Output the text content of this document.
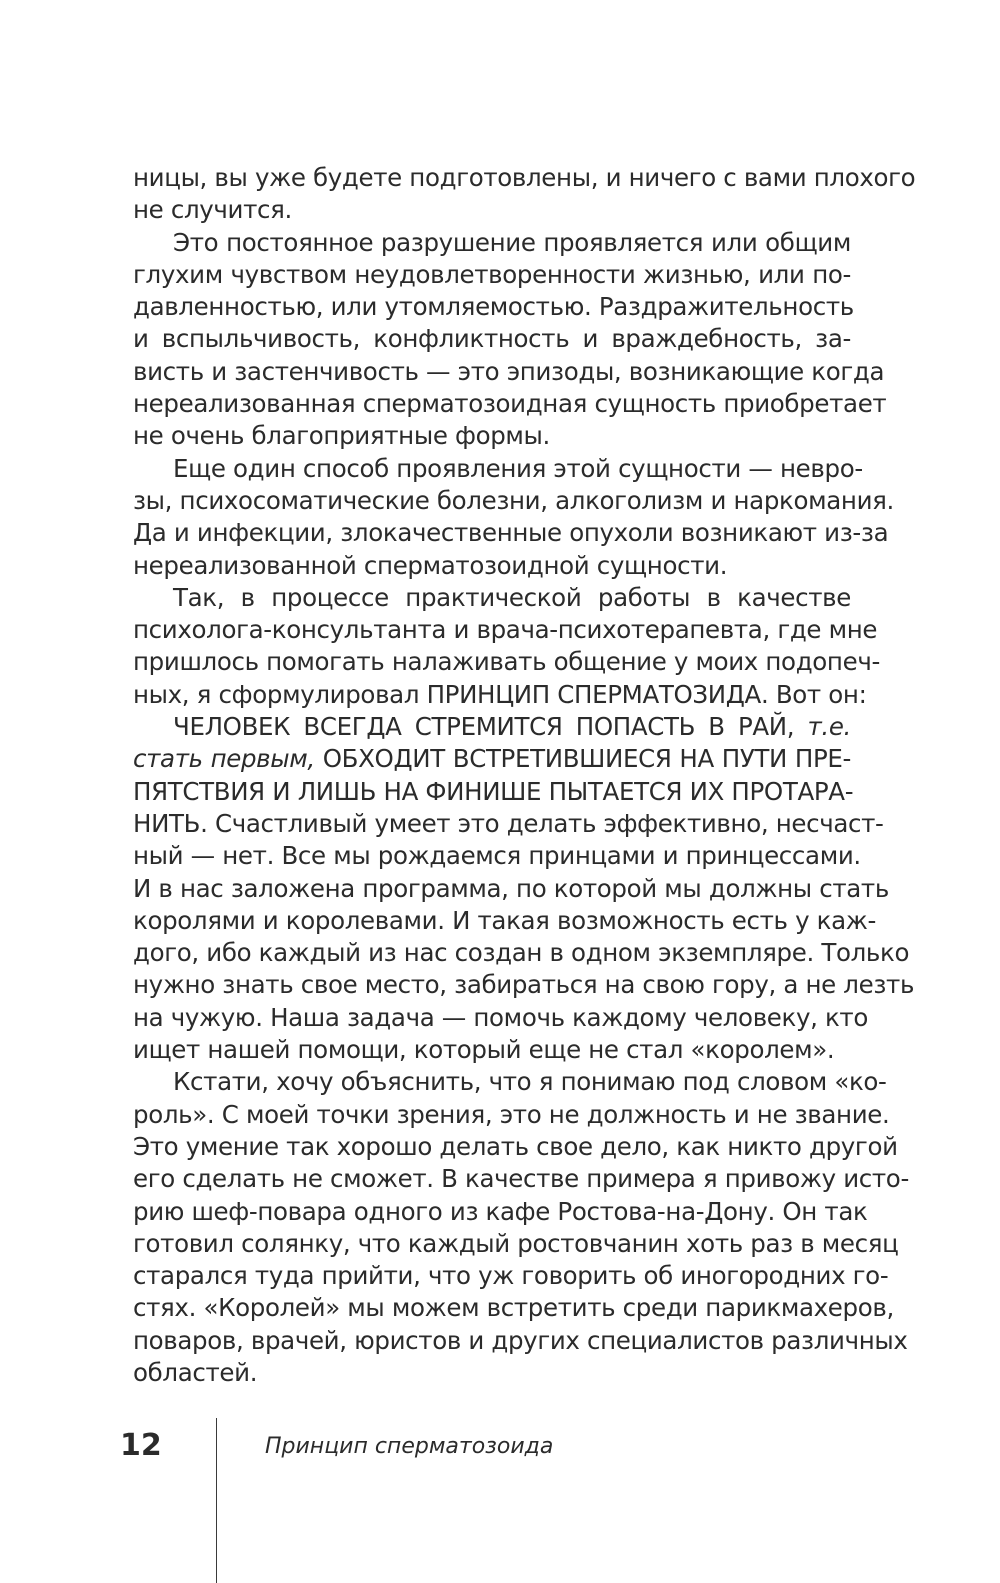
ницы, вы уже будете подготовлены, и ничего с вами плохого
не случится.
Это постоянное разрушение проявляется или общим
глухим чувством неудовлетворенности жизнью, или по-
давленностью, или утомляемостью. Раздражительность
и вспыльчивость, конфликтность и враждебность, за-
висть и застенчивость — это эпизоды, возникающие когда
нереализованная сперматозоидная сущность приобретает
не очень благоприятные формы.
Еще один способ проявления этой сущности — невро-
зы, психосоматические болезни, алкоголизм и наркомания.
Да и инфекции, злокачественные опухоли возникают из-за
нереализованной сперматозоидной сущности.
Так, в процессе практической работы в качестве
психолога-консультанта и врача-психотерапевта, где мне
пришлось помогать налаживать общение у моих подопеч-
ных, я сформулировал ПРИНЦИП СПЕРМАТОЗИДА. Вот он:
ЧЕЛОВЕК ВСЕГДА СТРЕМИТСЯ ПОПАСТЬ В РАЙ, т.е.
стать первым, ОБХОДИТ ВСТРЕТИВШИЕСЯ НА ПУТИ ПРЕ-
ПЯТСТВИЯ И ЛИШЬ НА ФИНИШЕ ПЫТАЕТСЯ ИХ ПРОТАРА-
НИТЬ. Счастливый умеет это делать эффективно, несчаст-
ный — нет. Все мы рождаемся принцами и принцессами.
И в нас заложена программа, по которой мы должны стать
королями и королевами. И такая возможность есть у каж-
дого, ибо каждый из нас создан в одном экземпляре. Только
нужно знать свое место, забираться на свою гору, а не лезть
на чужую. Наша задача — помочь каждому человеку, кто
ищет нашей помощи, который еще не стал «королем».
Кстати, хочу объяснить, что я понимаю под словом «ко-
роль». С моей точки зрения, это не должность и не звание.
Это умение так хорошо делать свое дело, как никто другой
его сделать не сможет. В качестве примера я привожу исто-
рию шеф-повара одного из кафе Ростова-на-Дону. Он так
готовил солянку, что каждый ростовчанин хоть раз в месяц
старался туда прийти, что уж говорить об иногородних го-
стях. «Королей» мы можем встретить среди парикмахеров,
поваров, врачей, юристов и других специалистов различных
областей.
12	Принцип сперматозоида
